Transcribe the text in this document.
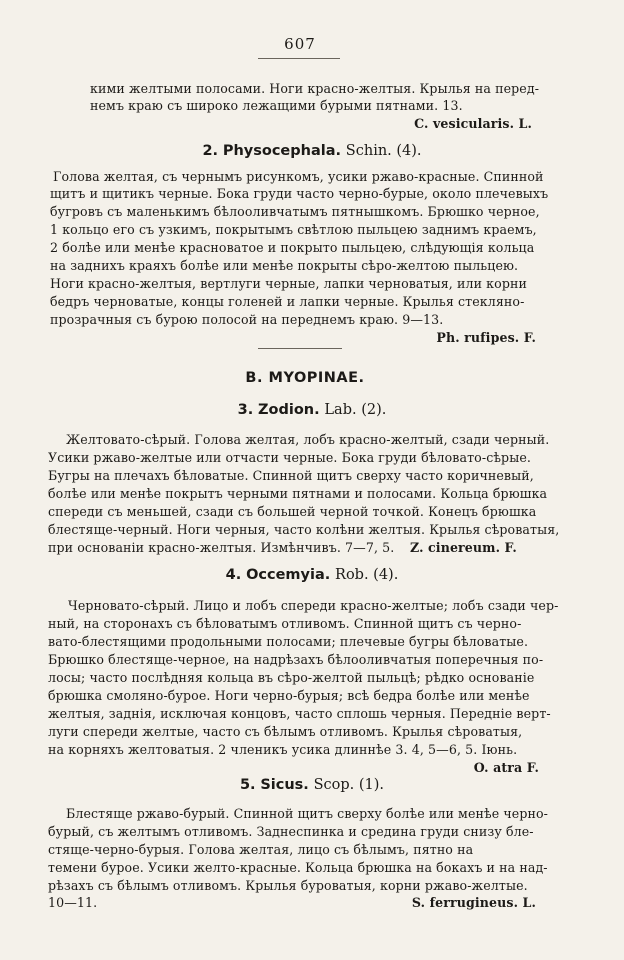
607
кими желтыми полосами. Ноги красно-желтыя. Крылья на перед-
немъ краю съ широко лежащими бурыми пятнами. 13.
C. vesicularis. L.
2. Physocephala. Schin. (4).
Голова желтая, съ чернымъ рисункомъ, усики ржаво-красные. Спинной
щитъ и щитикъ черные. Бока груди часто черно-бурые, около плечевыхъ
бугровъ съ маленькимъ бѣлооливчатымъ пятнышкомъ. Брюшко черное,
1 кольцо его съ узкимъ, покрытымъ свѣтлою пыльцею заднимъ краемъ,
2 болѣе или менѣе красноватое и покрыто пыльцею, слѣдующія кольца
на заднихъ краяхъ болѣе или менѣе покрыты сѣро-желтою пыльцею.
Ноги красно-желтыя, вертлуги черные, лапки черноватыя, или корни
бедръ черноватые, концы голеней и лапки черные. Крылья стекляно-
прозрачныя съ бурою полосой на переднемъ краю. 9—13.
Ph. rufipes. F.
B. MYOPINAE.
3. Zodion. Lab. (2).
Желтовато-сѣрый. Голова желтая, лобъ красно-желтый, сзади черный.
Усики ржаво-желтые или отчасти черные. Бока груди бѣловато-сѣрые.
Бугры на плечахъ бѣловатые. Спинной щитъ сверху часто коричневый,
болѣе или менѣе покрытъ черными пятнами и полосами. Кольца брюшка
спереди съ меньшей, сзади съ большей черной точкой. Конецъ брюшка
блестяще-черный. Ноги черныя, часто колѣни желтыя. Крылья сѣроватыя,
при основаніи красно-желтыя. Измѣнчивъ. 7—7, 5. Z. cinereum. F.
4. Occemyia. Rob. (4).
Черновато-сѣрый. Лицо и лобъ спереди красно-желтые; лобъ сзади чер-
ный, на сторонахъ съ бѣловатымъ отливомъ. Спинной щитъ съ черно-
вато-блестящими продольными полосами; плечевые бугры бѣловатые.
Брюшко блестяще-черное, на надрѣзахъ бѣлооливчатыя поперечныя по-
лосы; часто послѣдняя кольца въ сѣро-желтой пыльцѣ; рѣдко основаніе
брюшка смоляно-бурое. Ноги черно-бурыя; всѣ бедра болѣе или менѣе
желтыя, заднія, исключая концовъ, часто сплошь черныя. Переднiе верт-
луги спереди желтые, часто съ бѣлымъ отливомъ. Крылья сѣроватыя,
на корняхъ желтоватыя. 2 членикъ усика длиннѣе 3. 4, 5—6, 5. Іюнь.
O. atra F.
5. Sicus. Scop. (1).
Блестяще ржаво-бурый. Спинной щитъ сверху болѣе или менѣе черно-
бурый, съ желтымъ отливомъ. Заднеспинка и средина груди снизу бле-
стяще-черно-бурыя. Голова желтая, лицо съ бѣлымъ, пятно на
темени бурое. Усики желто-красные. Кольца брюшка на бокахъ и на над-
рѣзахъ съ бѣлымъ отливомъ. Крылья буроватыя, корни ржаво-желтые.
10—11.	S. ferrugineus. L.
